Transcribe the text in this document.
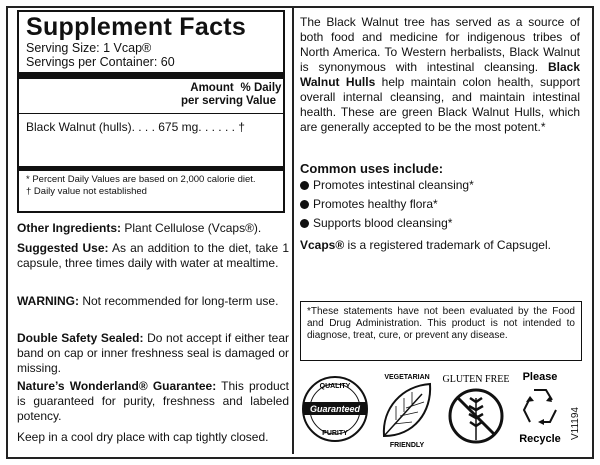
Supplement Facts
Serving Size: 1 Vcap®
Servings per Container: 60
Amount
per serving
% Daily
Value
Black Walnut (hulls). . . . 675 mg. . . . . . †
* Percent Daily Values are based on 2,000 calorie diet.
† Daily value not established
Other Ingredients: Plant Cellulose (Vcaps®).
Suggested Use: As an addition to the diet, take 1 capsule, three times daily with water at mealtime.
WARNING: Not recommended for long-term use.
Double Safety Sealed: Do not accept if either tear band on cap or inner freshness seal is damaged or missing.
Nature’s Wonderland® Guarantee: This product is guaranteed for purity, freshness and labeled potency.
Keep in a cool dry place with cap tightly closed.
The Black Walnut tree has served as a source of both food and medicine for indigenous tribes of North America. To Western herbalists, Black Walnut is synonymous with intestinal cleansing. Black Walnut Hulls help maintain colon health, support overall internal cleansing, and maintain intestinal health. These are green Black Walnut Hulls, which are generally accepted to be the most potent.*
Common uses include:
Promotes intestinal cleansing*
Promotes healthy flora*
Supports blood cleansing*
Vcaps® is a registered trademark of Capsugel.
*These statements have not been evaluated by the Food and Drug Administration. This product is not intended to diagnose, treat, cure, or prevent any disease.
QUALITY
Guaranteed
PURITY
VEGETARIAN
FRIENDLY
GLUTEN FREE Please
Recycle V11194
